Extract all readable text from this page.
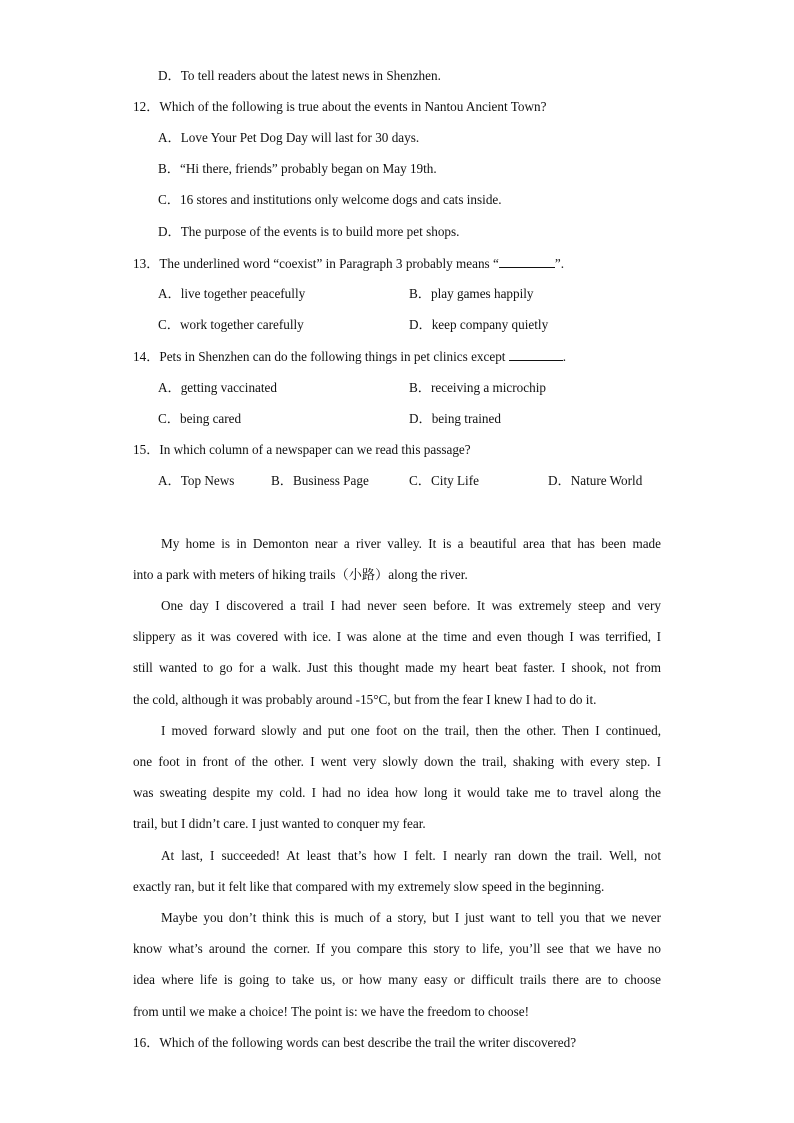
D．To tell readers about the latest news in Shenzhen.
12．Which of the following is true about the events in Nantou Ancient Town?
A．Love Your Pet Dog Day will last for 30 days.
B．“Hi there, friends” probably began on May 19th.
C．16 stores and institutions only welcome dogs and cats inside.
D．The purpose of the events is to build more pet shops.
13．The underlined word “coexist” in Paragraph 3 probably means “	”.
A．live together peacefully	B．play games happily
C．work together carefully	D．keep company quietly
14．Pets in Shenzhen can do the following things in pet clinics except	.
A．getting vaccinated	B．receiving a microchip
C．being cared	D．being trained
15．In which column of a newspaper can we read this passage?
A．Top News	B．Business Page	C．City Life	D．Nature World
My home is in Demonton near a river valley. It is a beautiful area that has been made
into a park with meters of hiking trails（小路）along the river.
One day I discovered a trail I had never seen before. It was extremely steep and very
slippery as it was covered with ice. I was alone at the time and even though I was terrified, I
still wanted to go for a walk. Just this thought made my heart beat faster. I shook, not from
the cold, although it was probably around -15°C, but from the fear I knew I had to do it.
I moved forward slowly and put one foot on the trail, then the other. Then I continued,
one foot in front of the other. I went very slowly down the trail, shaking with every step. I
was sweating despite my cold. I had no idea how long it would take me to travel along the
trail, but I didn’t care. I just wanted to conquer my fear.
At last, I succeeded! At least that’s how I felt. I nearly ran down the trail. Well, not
exactly ran, but it felt like that compared with my extremely slow speed in the beginning.
Maybe you don’t think this is much of a story, but I just want to tell you that we never
know what’s around the corner. If you compare this story to life, you’ll see that we have no
idea where life is going to take us, or how many easy or difficult trails there are to choose
from until we make a choice! The point is: we have the freedom to choose!
16．Which of the following words can best describe the trail the writer discovered?
